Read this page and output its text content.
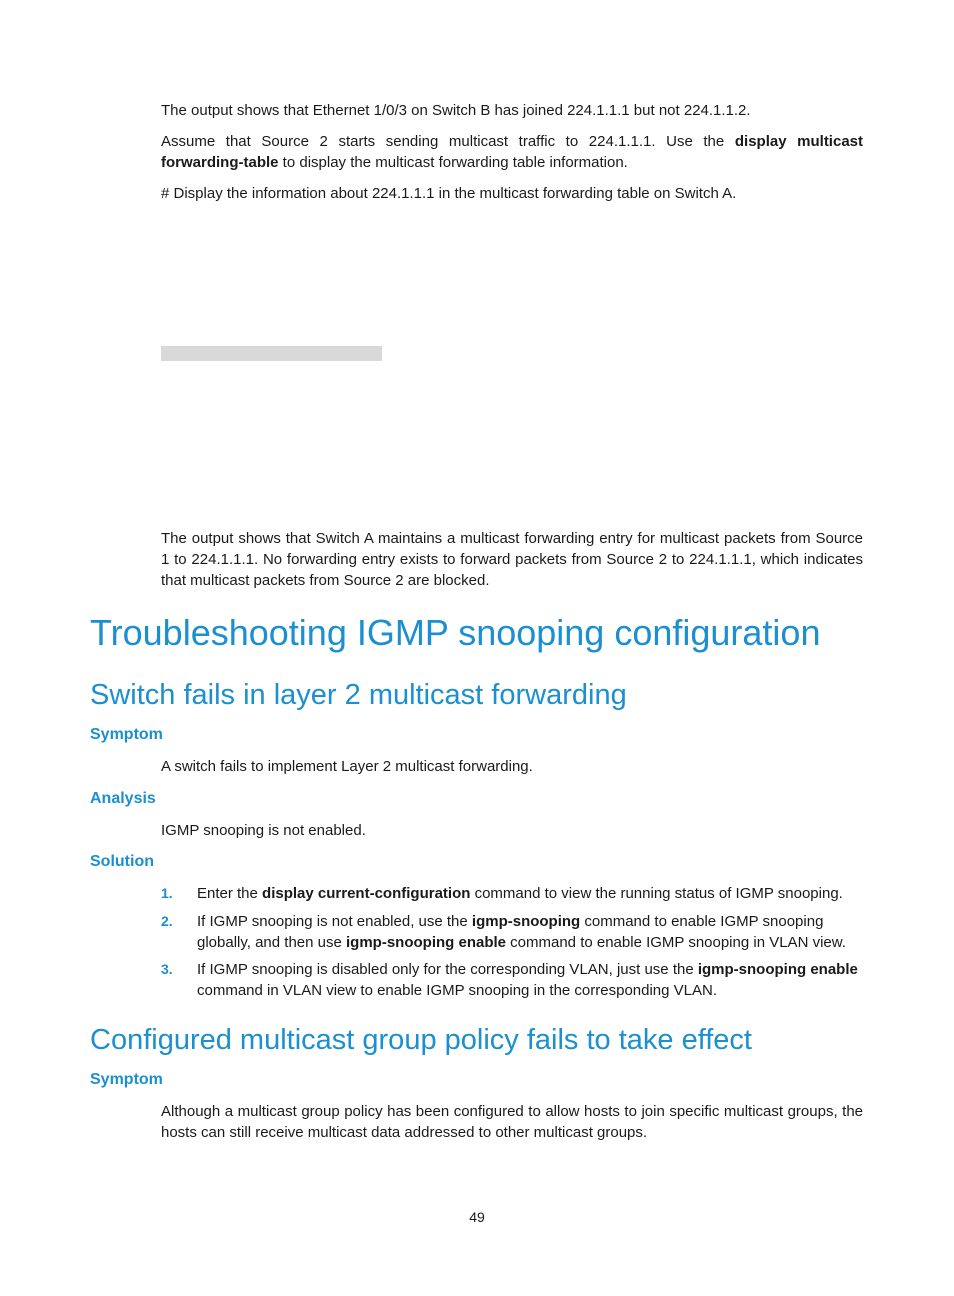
The output shows that Ethernet 1/0/3 on Switch B has joined 224.1.1.1 but not 224.1.1.2.

Assume that Source 2 starts sending multicast traffic to 224.1.1.1. Use the display multicast forwarding-table to display the multicast forwarding table information.

# Display the information about 224.1.1.1 in the multicast forwarding table on Switch A.

The output shows that Switch A maintains a multicast forwarding entry for multicast packets from Source 1 to 224.1.1.1. No forwarding entry exists to forward packets from Source 2 to 224.1.1.1, which indicates that multicast packets from Source 2 are blocked.

Troubleshooting IGMP snooping configuration
Switch fails in layer 2 multicast forwarding
Symptom

A switch fails to implement Layer 2 multicast forwarding.

Analysis

IGMP snooping is not enabled.

Solution
1. Enter the display current-configuration command to view the running status of IGMP snooping.
2. If IGMP snooping is not enabled, use the igmp-snooping command to enable IGMP snooping globally, and then use igmp-snooping enable command to enable IGMP snooping in VLAN view.
3. If IGMP snooping is disabled only for the corresponding VLAN, just use the igmp-snooping enable command in VLAN view to enable IGMP snooping in the corresponding VLAN.
Configured multicast group policy fails to take effect
Symptom

Although a multicast group policy has been configured to allow hosts to join specific multicast groups, the hosts can still receive multicast data addressed to other multicast groups.

49
